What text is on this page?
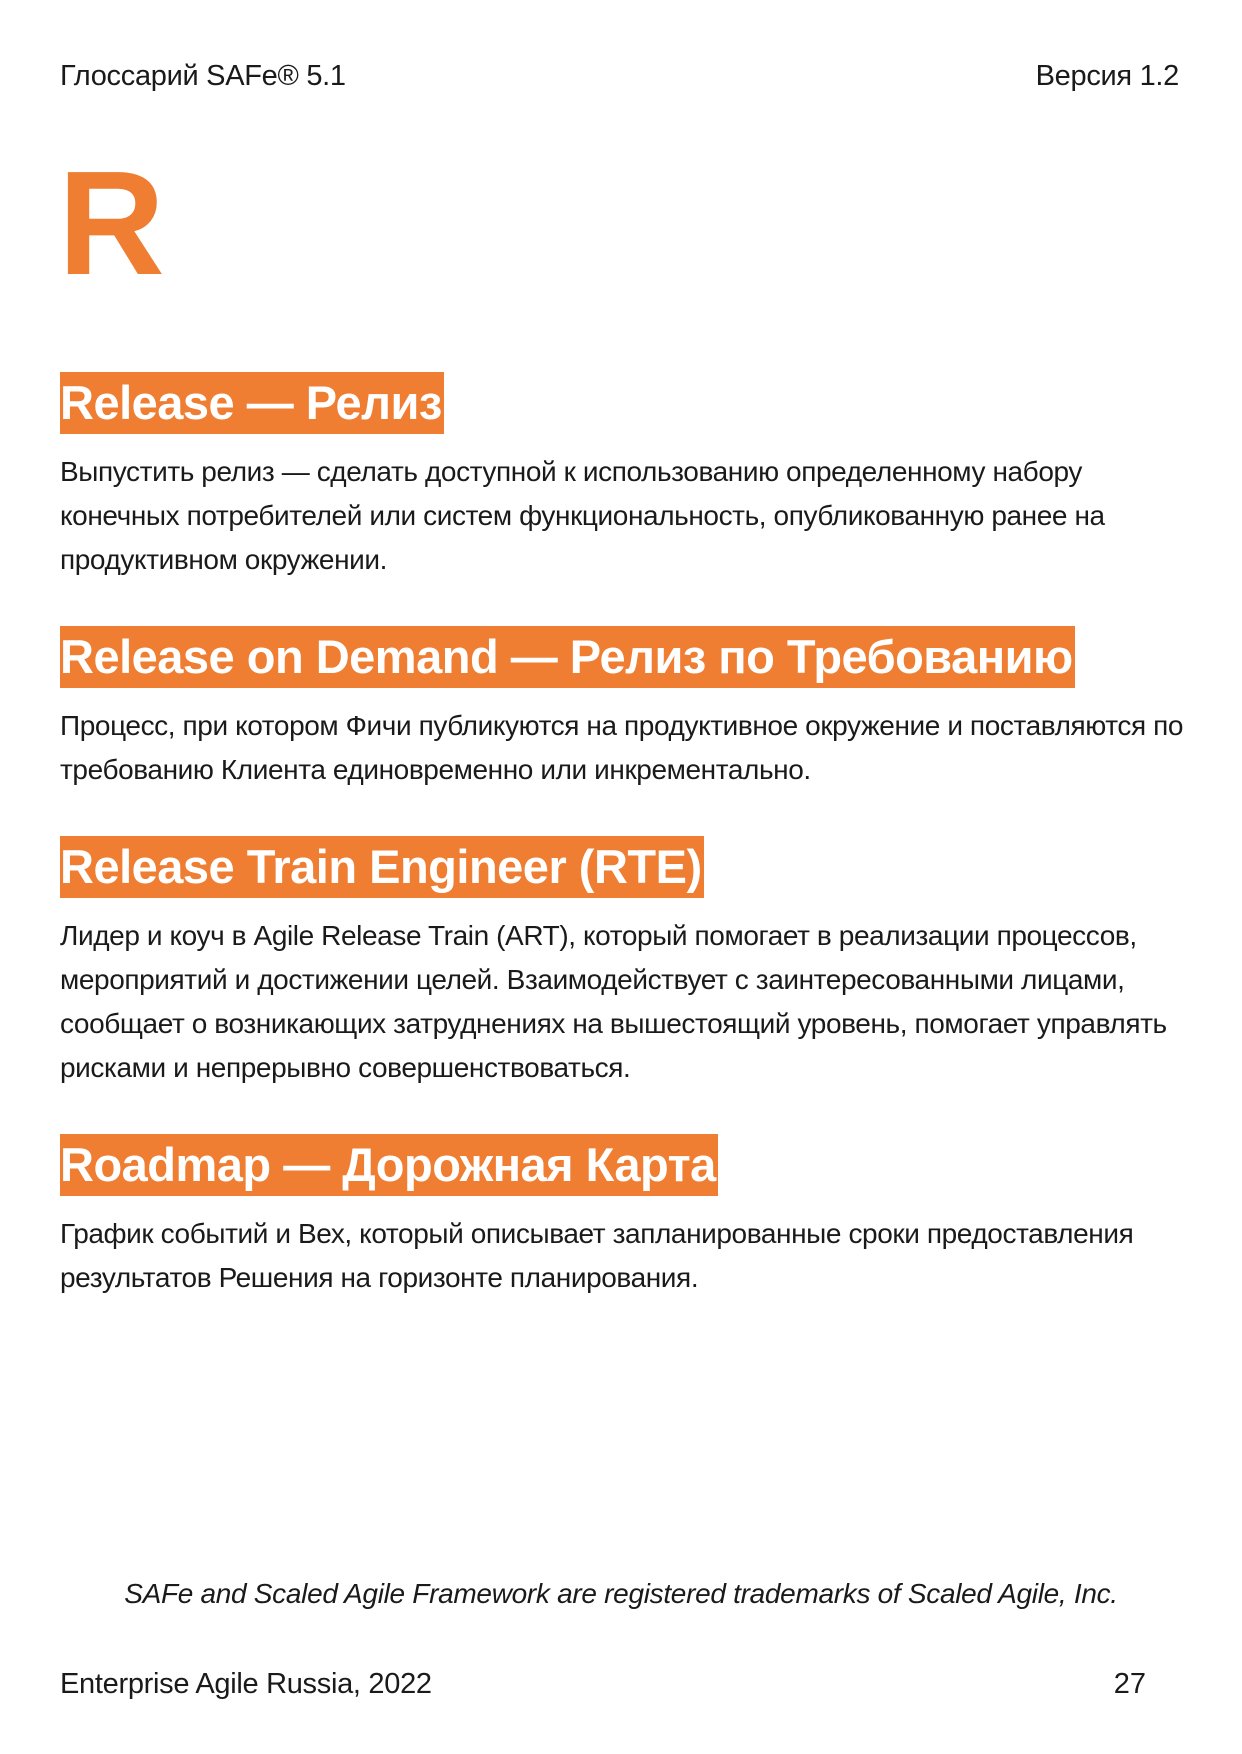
Глоссарий SAFe® 5.1	Версия 1.2
R
Release — Релиз
Выпустить релиз — сделать доступной к использованию определенному набору конечных потребителей или систем функциональность, опубликованную ранее на продуктивном окружении.
Release on Demand — Релиз по Требованию
Процесс, при котором Фичи публикуются на продуктивное окружение и поставляются по требованию Клиента единовременно или инкрементально.
Release Train Engineer (RTE)
Лидер и коуч в Agile Release Train (ART), который помогает в реализации процессов, мероприятий и достижении целей. Взаимодействует с заинтересованными лицами, сообщает о возникающих затруднениях на вышестоящий уровень, помогает управлять рисками и непрерывно совершенствоваться.
Roadmap — Дорожная Карта
График событий и Вех, который описывает запланированные сроки предоставления результатов Решения на горизонте планирования.
SAFe and Scaled Agile Framework are registered trademarks of Scaled Agile, Inc.
Enterprise Agile Russia, 2022	27
